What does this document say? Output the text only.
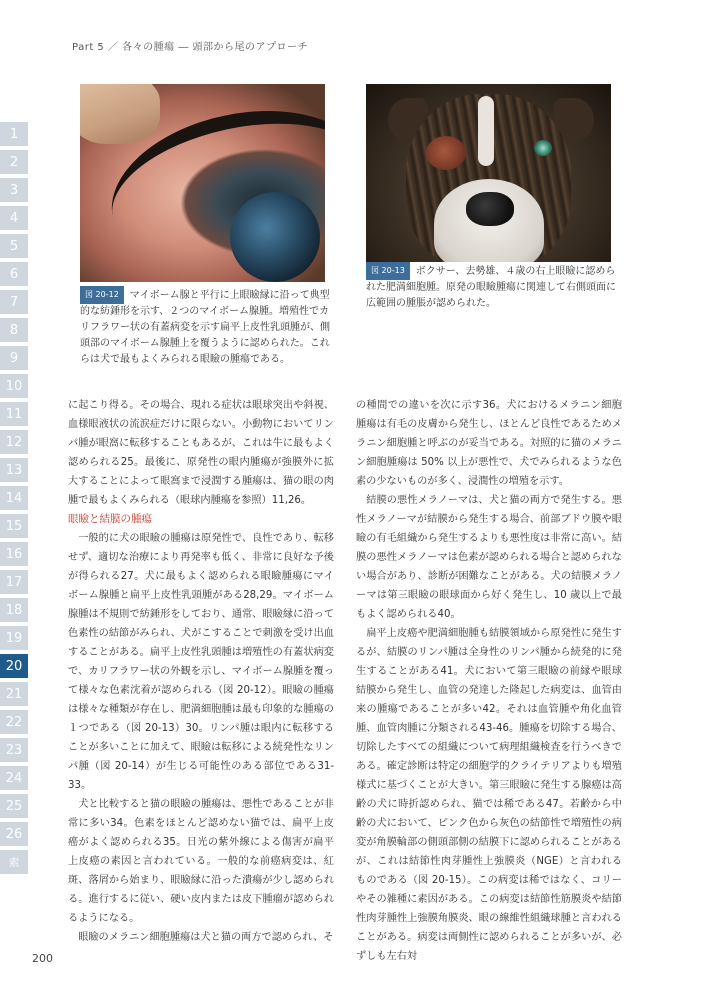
Part 5 ／ 各々の腫瘍 ― 頭部から尾のアプローチ
図 20-12 マイボーム腺と平行に上眼瞼縁に沿って典型的な紡錘形を示す、２つのマイボーム腺腫。増殖性でカリフラワー状の有蓋病変を示す扁平上皮性乳頭腫が、側頭部のマイボーム腺腫上を覆うように認められた。これらは犬で最もよくみられる眼瞼の腫瘍である。
図 20-13 ボクサー、去勢雄、４歳の右上眼瞼に認められた肥満細胞腫。原発の眼瞼腫瘍に関連して右側頭面に広範囲の腫脹が認められた。
1
2
3
4
5
6
7
8
9
10
11
12
13
14
15
16
17
18
19
20
21
22
23
24
25
26
索

に起こり得る。その場合、現れる症状は眼球突出や斜視、血様眼液状の流涙症だけに限らない。小動物においてリンパ腫が眼窩に転移することもあるが、これは牛に最もよく認められる25。最後に、原発性の眼内腫瘍が強膜外に拡大することによって眼窩まで浸潤する腫瘍は、猫の眼の肉腫で最もよくみられる（眼球内腫瘍を参照）11,26。

眼瞼と結膜の腫瘍

一般的に犬の眼瞼の腫瘍は原発性で、良性であり、転移せず、適切な治療により再発率も低く、非常に良好な予後が得られる27。犬に最もよく認められる眼瞼腫瘍にマイボーム腺腫と扁平上皮性乳頭腫がある28,29。マイボーム腺腫は不規則で紡錘形をしており、通常、眼瞼縁に沿って色素性の結節がみられ、犬がこすることで刺激を受け出血することがある。扁平上皮性乳頭腫は増殖性の有蓋状病変で、カリフラワー状の外観を示し、マイボーム腺腫を覆って様々な色素沈着が認められる（図 20-12）。眼瞼の腫瘍は様々な種類が存在し、肥満細胞腫は最も印象的な腫瘍の１つである（図 20-13）30。リンパ腫は眼内に転移することが多いことに加えて、眼瞼は転移による続発性なリンパ腫（図 20-14）が生じる可能性のある部位である31-33。

犬と比較すると猫の眼瞼の腫瘍は、悪性であることが非常に多い34。色素をほとんど認めない猫では、扁平上皮癌がよく認められる35。日光の紫外線による傷害が扁平上皮癌の素因と言われている。一般的な前癌病変は、紅斑、落屑から始まり、眼瞼縁に沿った潰瘍が少し認められる。進行するに従い、硬い皮内または皮下腫瘤が認められるようになる。

眼瞼のメラニン細胞腫瘍は犬と猫の両方で認められ、そ

の種間での違いを次に示す36。犬におけるメラニン細胞腫瘍は有毛の皮膚から発生し、ほとんど良性であるためメラニン細胞腫と呼ぶのが妥当である。対照的に猫のメラニン細胞腫瘍は 50% 以上が悪性で、犬でみられるような色素の少ないものが多く、浸潤性の増殖を示す。

結膜の悪性メラノーマは、犬と猫の両方で発生する。悪性メラノーマが結膜から発生する場合、前部ブドウ膜や眼瞼の有毛組織から発生するよりも悪性度は非常に高い。結膜の悪性メラノーマは色素が認められる場合と認められない場合があり、診断が困難なことがある。犬の結膜メラノーマは第三眼瞼の眼球面から好く発生し、10 歳以上で最もよく認められる40。

扁平上皮癌や肥満細胞腫も結膜領域から原発性に発生するが、結膜のリンパ腫は全身性のリンパ腫から続発的に発生することがある41。犬において第三眼瞼の前縁や眼球結膜から発生し、血管の発達した隆起した病変は、血管由来の腫瘍であることが多い42。それは血管腫や角化血管腫、血管肉腫に分類される43-46。腫瘍を切除する場合、切除したすべての組織について病理組織検査を行うべきである。確定診断は特定の細胞学的クライテリアよりも増殖様式に基づくことが大きい。第三眼瞼に発生する腺癌は高齢の犬に時折認められ、猫では稀である47。若齢から中齢の犬において、ピンク色から灰色の結節性で増殖性の病変が角膜輪部の側頭部側の結膜下に認められることがあるが、これは結節性肉芽腫性上強膜炎（NGE）と言われるものである（図 20-15）。この病変は稀ではなく、コリーやその雑種に素因がある。この病変は結節性筋膜炎や結節性肉芽腫性上強膜角膜炎、眼の線維性組織球腫と言われることがある。病変は両側性に認められることが多いが、必ずしも左右対

200
